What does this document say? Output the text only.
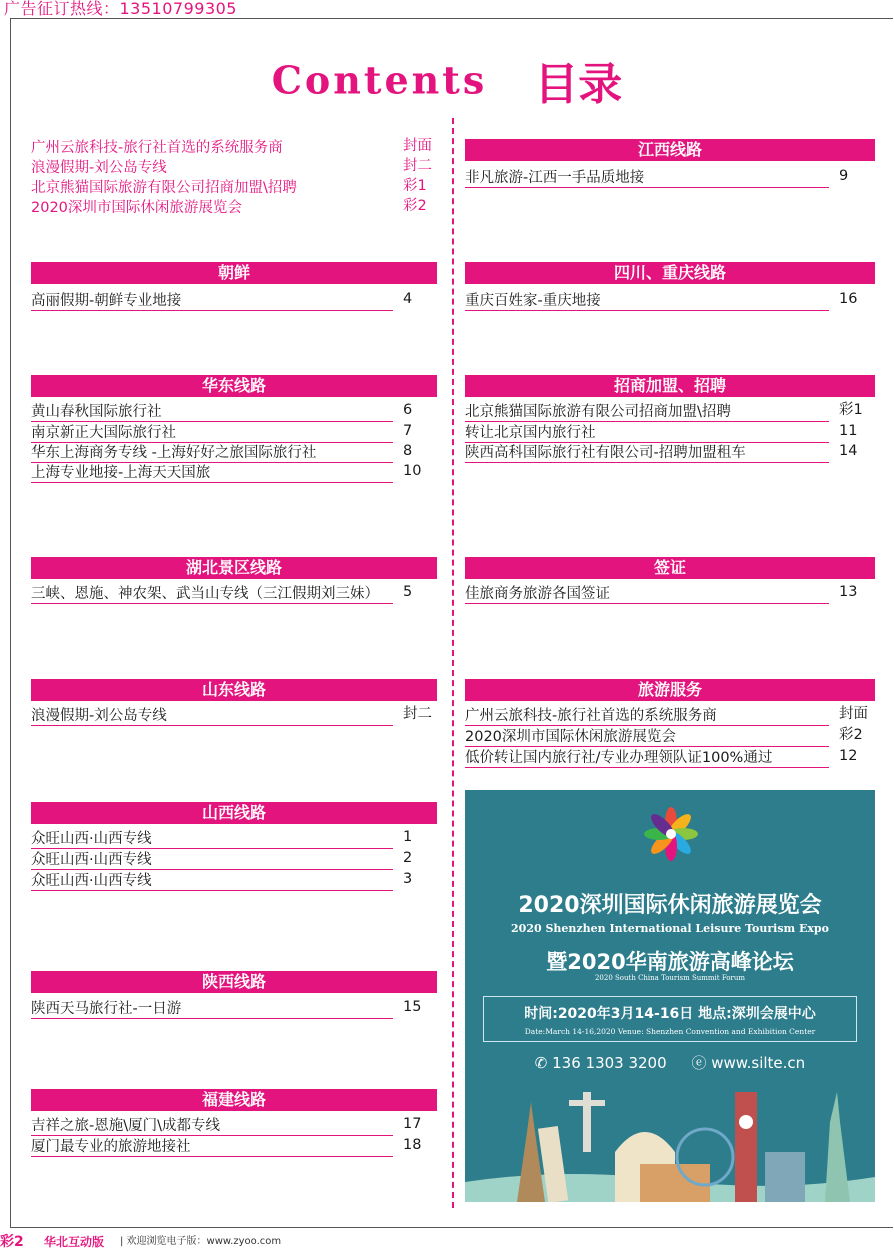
广告征订热线：13510799305
Contents 目录
广州云旅科技-旅行社首选的系统服务商	封面
浪漫假期-刘公岛专线	封二
北京熊猫国际旅游有限公司招商加盟\招聘	彩1
2020深圳市国际休闲旅游展览会	彩2
朝鲜
高丽假期-朝鲜专业地接	4
华东线路
黄山春秋国际旅行社	6
南京新正大国际旅行社	7
华东上海商务专线 -上海好好之旅国际旅行社	8
上海专业地接-上海天天国旅	10
湖北景区线路
三峡、恩施、神农架、武当山专线（三江假期刘三妹） 5
山东线路
浪漫假期-刘公岛专线	封二
山西线路
众旺山西·山西专线	1
众旺山西·山西专线	2
众旺山西·山西专线	3
陕西线路
陕西天马旅行社-一日游	15
福建线路
吉祥之旅-恩施\厦门\成都专线	17
厦门最专业的旅游地接社	18
江西线路
非凡旅游-江西一手品质地接	9
四川、重庆线路
重庆百姓家-重庆地接	16
招商加盟、招聘
北京熊猫国际旅游有限公司招商加盟\招聘	彩1
转让北京国内旅行社	11
陕西高科国际旅行社有限公司-招聘加盟租车	14
签证
佳旅商务旅游各国签证	13
旅游服务
广州云旅科技-旅行社首选的系统服务商	封面
2020深圳市国际休闲旅游展览会	彩2
低价转让国内旅行社/专业办理领队证100%通过	12
2020深圳国际休闲旅游展览会
2020 Shenzhen International Leisure Tourism Expo
暨2020华南旅游高峰论坛
2020 South China Tourism Summit Forum
时间:2020年3月14-16日 地点:深圳会展中心
Date:March 14-16,2020 Venue: Shenzhen Convention and Exhibition Center
✆ 136 1303 3200 ⓔ www.silte.cn
彩2 华北互动版 | 欢迎浏览电子版：www.zyoo.com
